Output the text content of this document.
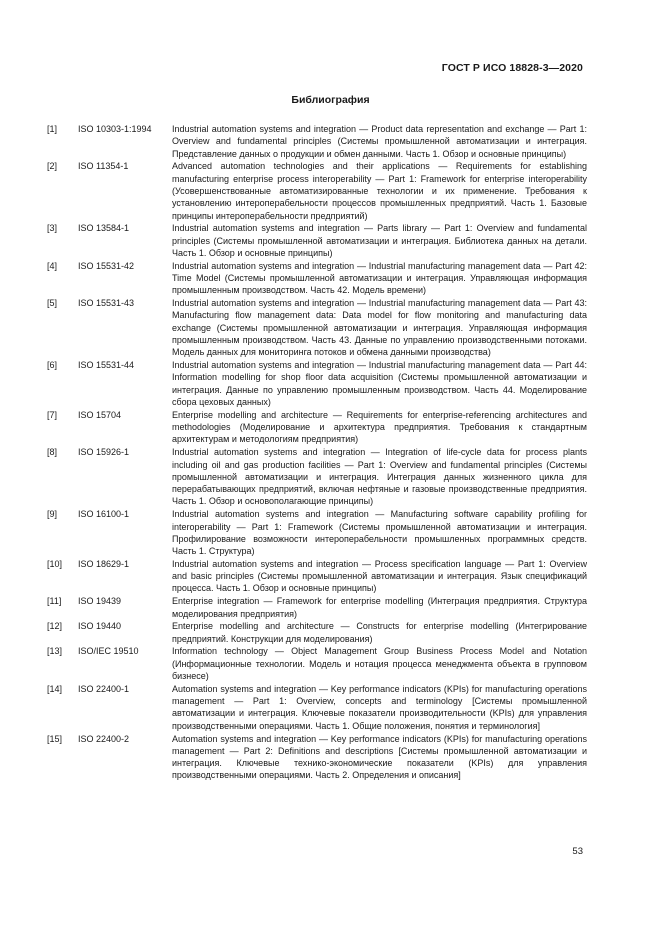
ГОСТ Р ИСО 18828-3—2020
Библиография
[1]	ISO 10303-1:1994	Industrial automation systems and integration — Product data representation and exchange — Part 1: Overview and fundamental principles (Системы промышленной автоматизации и интеграция. Представление данных о продукции и обмен данными. Часть 1. Обзор и основные принципы)
[2]	ISO 11354-1	Advanced automation technologies and their applications — Requirements for establishing manufacturing enterprise process interoperability — Part 1: Framework for enterprise interoperability (Усовершенствованные автоматизированные технологии и их применение. Требования к установлению интероперабельности процессов промышленных предприятий. Часть 1. Базовые принципы интероперабельности предприятий)
[3]	ISO 13584-1	Industrial automation systems and integration — Parts library — Part 1: Overview and fundamental principles (Системы промышленной автоматизации и интеграция. Библиотека данных на детали. Часть 1. Обзор и основные принципы)
[4]	ISO 15531-42	Industrial automation systems and integration — Industrial manufacturing management data — Part 42: Time Model (Системы промышленной автоматизации и интеграция. Управляющая информация промышленным производством. Часть 42. Модель времени)
[5]	ISO 15531-43	Industrial automation systems and integration — Industrial manufacturing management data — Part 43: Manufacturing flow management data: Data model for flow monitoring and manufacturing data exchange (Системы промышленной автоматизации и интеграция. Управляющая информация промышленным производством. Часть 43. Данные по управлению производственными потоками. Модель данных для мониторинга потоков и обмена данными производства)
[6]	ISO 15531-44	Industrial automation systems and integration — Industrial manufacturing management data — Part 44: Information modelling for shop floor data acquisition (Системы промышленной автоматизации и интеграция. Данные по управлению промышленным производством. Часть 44. Моделирование сбора цеховых данных)
[7]	ISO 15704	Enterprise modelling and architecture — Requirements for enterprise-referencing architectures and methodologies (Моделирование и архитектура предприятия. Требования к стандартным архитектурам и методологиям предприятия)
[8]	ISO 15926-1	Industrial automation systems and integration — Integration of life-cycle data for process plants including oil and gas production facilities — Part 1: Overview and fundamental principles (Системы промышленной автоматизации и интеграция. Интеграция данных жизненного цикла для перерабатывающих предприятий, включая нефтяные и газовые производственные предприятия. Часть 1. Обзор и основополагающие принципы)
[9]	ISO 16100-1	Industrial automation systems and integration — Manufacturing software capability profiling for interoperability — Part 1: Framework (Системы промышленной автоматизации и интеграция. Профилирование возможности интероперабельности промышленных программных средств. Часть 1. Структура)
[10]	ISO 18629-1	Industrial automation systems and integration — Process specification language — Part 1: Overview and basic principles (Системы промышленной автоматизации и интеграция. Язык спецификаций процесса. Часть 1. Обзор и основные принципы)
[11]	ISO 19439	Enterprise integration — Framework for enterprise modelling (Интеграция предприятия. Структура моделирования предприятия)
[12]	ISO 19440	Enterprise modelling and architecture — Constructs for enterprise modelling (Интегрирование предприятий. Конструкции для моделирования)
[13]	ISO/IEC 19510	Information technology — Object Management Group Business Process Model and Notation (Информационные технологии. Модель и нотация процесса менеджмента объекта в групповом бизнесе)
[14]	ISO 22400-1	Automation systems and integration — Key performance indicators (KPIs) for manufacturing operations management — Part 1: Overview, concepts and terminology [Системы промышленной автоматизации и интеграция. Ключевые показатели производительности (KPIs) для управления производственными операциями. Часть 1. Общие положения, понятия и терминология]
[15]	ISO 22400-2	Automation systems and integration — Key performance indicators (KPIs) for manufacturing operations management — Part 2: Definitions and descriptions [Системы промышленной автоматизации и интеграция. Ключевые технико-экономические показатели (KPIs) для управления производственными операциями. Часть 2. Определения и описания]
53
